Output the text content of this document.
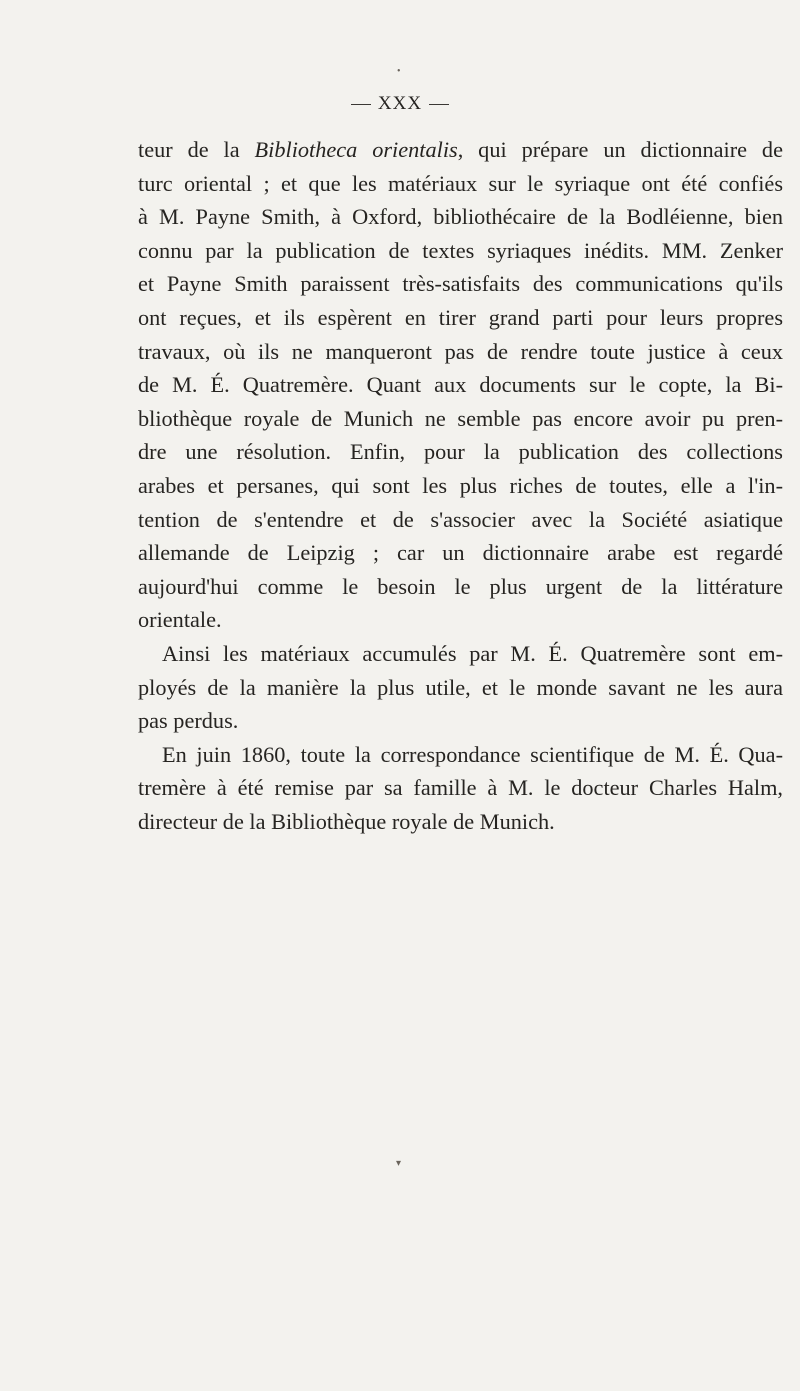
XXX
teur de la Bibliotheca orientalis, qui prépare un dictionnaire de
turc oriental ; et que les matériaux sur le syriaque ont été confiés
à M. Payne Smith, à Oxford, bibliothécaire de la Bodléienne, bien
connu par la publication de textes syriaques inédits. MM. Zenker
et Payne Smith paraissent très-satisfaits des communications qu'ils
ont reçues, et ils espèrent en tirer grand parti pour leurs propres
travaux, où ils ne manqueront pas de rendre toute justice à ceux
de M. É. Quatremère. Quant aux documents sur le copte, la Bi-
bliothèque royale de Munich ne semble pas encore avoir pu pren-
dre une résolution. Enfin, pour la publication des collections
arabes et persanes, qui sont les plus riches de toutes, elle a l'in-
tention de s'entendre et de s'associer avec la Société asiatique
allemande de Leipzig ; car un dictionnaire arabe est regardé
aujourd'hui comme le besoin le plus urgent de la littérature
orientale.
Ainsi les matériaux accumulés par M. É. Quatremère sont em-
ployés de la manière la plus utile, et le monde savant ne les aura
pas perdus.
En juin 1860, toute la correspondance scientifique de M. É. Qua-
tremère à été remise par sa famille à M. le docteur Charles Halm,
directeur de la Bibliothèque royale de Munich.
•
▾
